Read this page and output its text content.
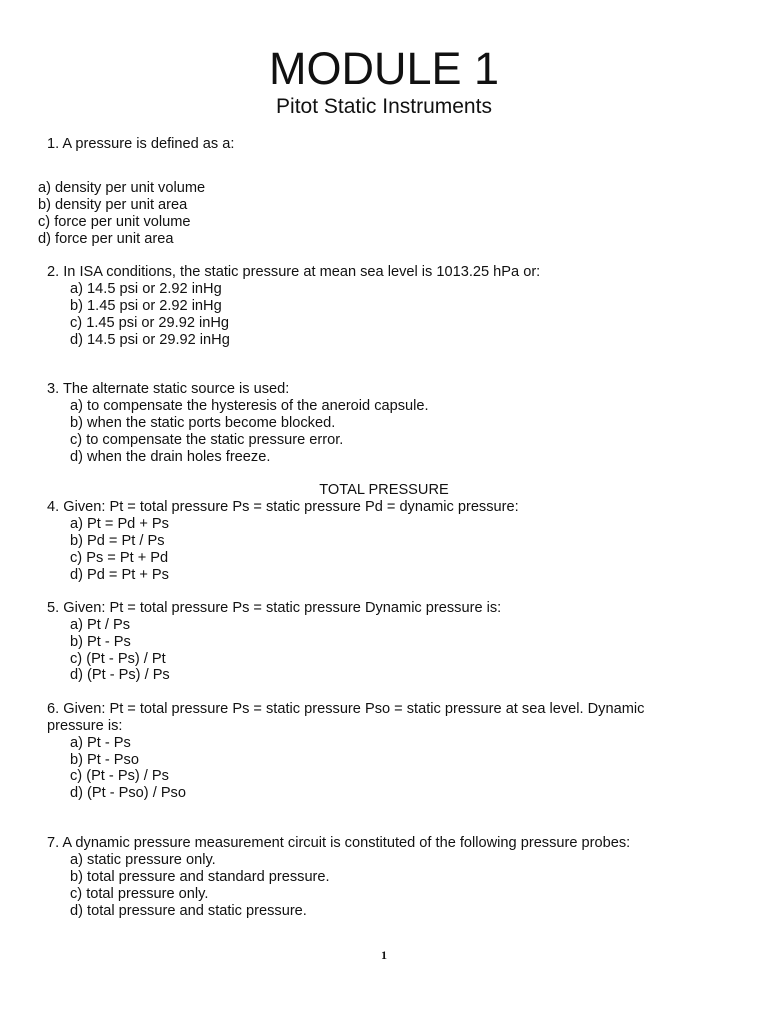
MODULE 1
Pitot Static Instruments
1. A pressure is defined as a:
a) density per unit volume
b) density per unit area
c) force per unit volume
d) force per unit area
2. In ISA conditions, the static pressure at mean sea level is 1013.25 hPa or:
a) 14.5 psi or 2.92 inHg
b) 1.45 psi or 2.92 inHg
c) 1.45 psi or 29.92 inHg
d) 14.5 psi or 29.92 inHg
3. The alternate static source is used:
a) to compensate the hysteresis of the aneroid capsule.
b) when the static ports become blocked.
c) to compensate the static pressure error.
d) when the drain holes freeze.
TOTAL PRESSURE
4. Given: Pt = total pressure Ps = static pressure Pd = dynamic pressure:
a) Pt = Pd + Ps
b) Pd = Pt / Ps
c) Ps = Pt + Pd
d) Pd = Pt + Ps
5. Given: Pt = total pressure Ps = static pressure Dynamic pressure is:
a) Pt / Ps
b) Pt - Ps
c) (Pt - Ps) / Pt
d) (Pt - Ps) / Ps
6. Given: Pt = total pressure Ps = static pressure Pso = static pressure at sea level. Dynamic
pressure is:
a) Pt - Ps
b) Pt - Pso
c) (Pt - Ps) / Ps
d) (Pt - Pso) / Pso
7. A dynamic pressure measurement circuit is constituted of the following pressure probes:
a) static pressure only.
b) total pressure and standard pressure.
c) total pressure only.
d) total pressure and static pressure.
1
